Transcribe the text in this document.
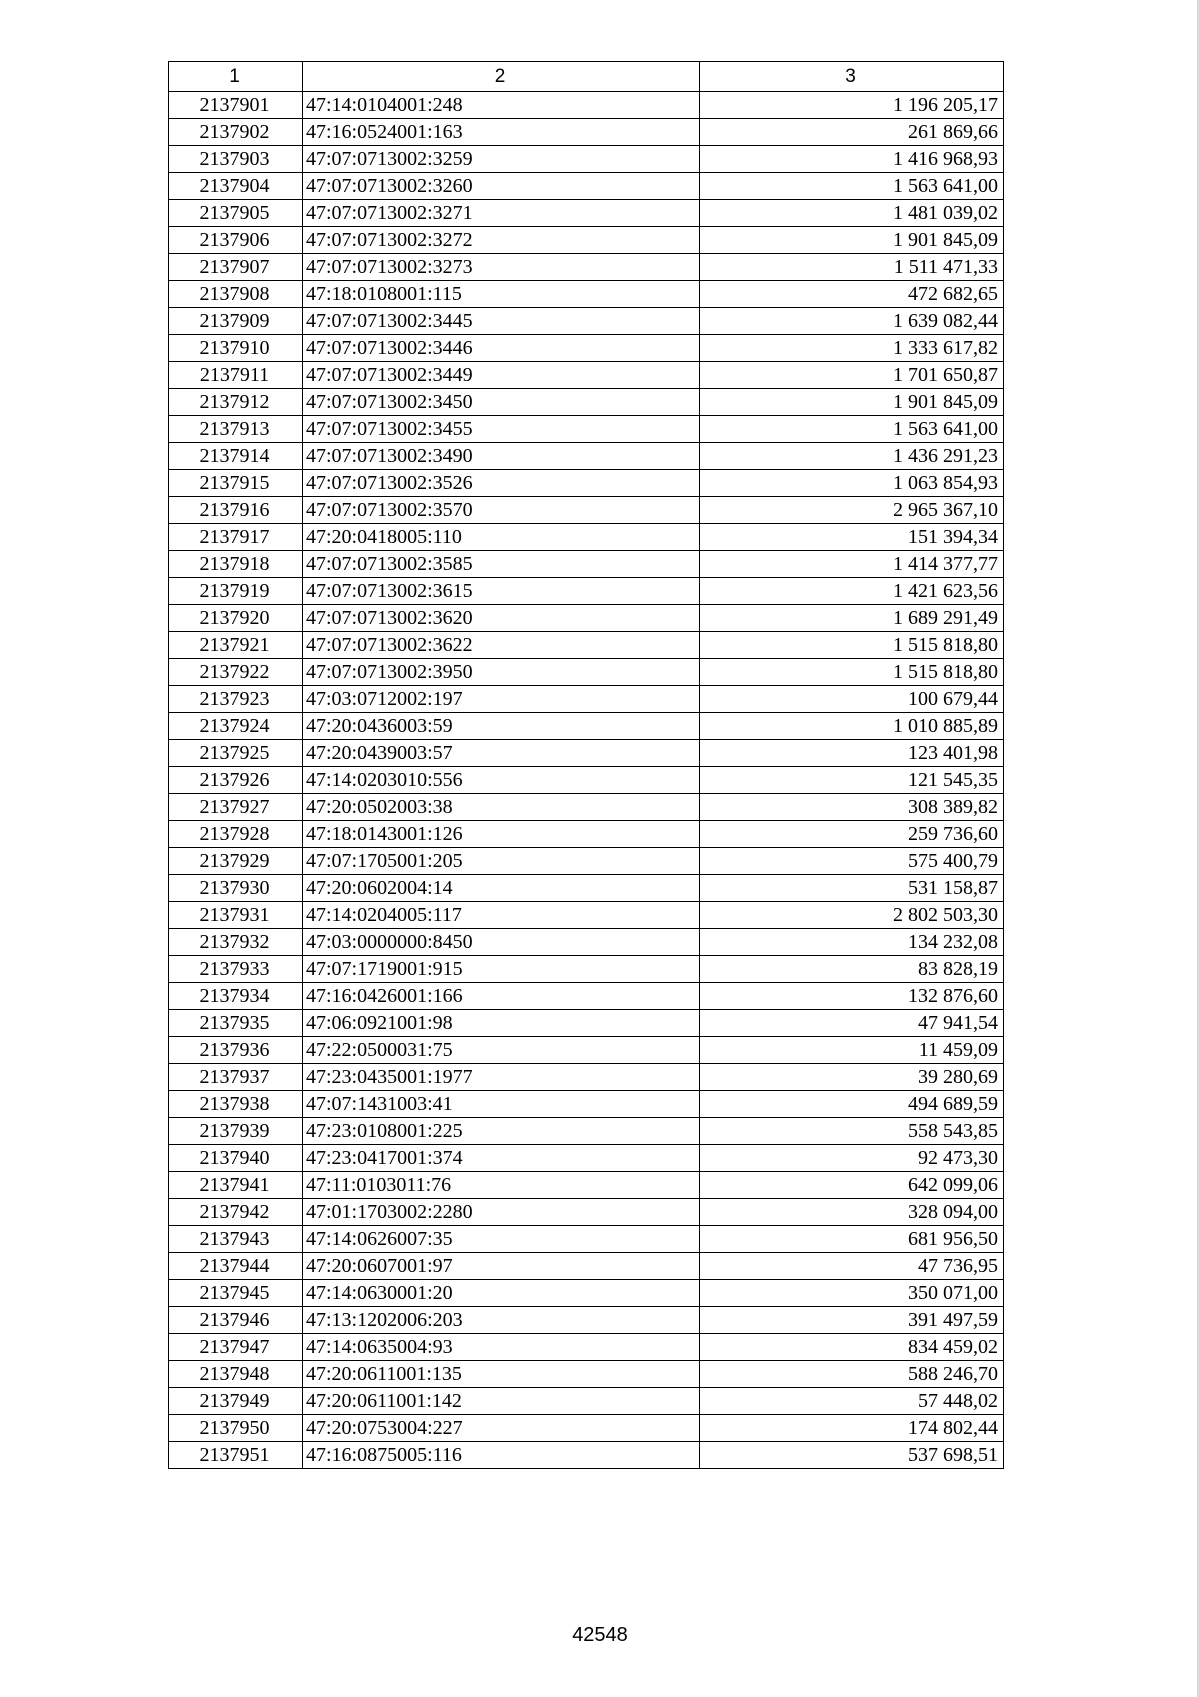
1	2	3
2137901	47:14:0104001:248	1 196 205,17
2137902	47:16:0524001:163	261 869,66
2137903	47:07:0713002:3259	1 416 968,93
2137904	47:07:0713002:3260	1 563 641,00
2137905	47:07:0713002:3271	1 481 039,02
2137906	47:07:0713002:3272	1 901 845,09
2137907	47:07:0713002:3273	1 511 471,33
2137908	47:18:0108001:115	472 682,65
2137909	47:07:0713002:3445	1 639 082,44
2137910	47:07:0713002:3446	1 333 617,82
2137911	47:07:0713002:3449	1 701 650,87
2137912	47:07:0713002:3450	1 901 845,09
2137913	47:07:0713002:3455	1 563 641,00
2137914	47:07:0713002:3490	1 436 291,23
2137915	47:07:0713002:3526	1 063 854,93
2137916	47:07:0713002:3570	2 965 367,10
2137917	47:20:0418005:110	151 394,34
2137918	47:07:0713002:3585	1 414 377,77
2137919	47:07:0713002:3615	1 421 623,56
2137920	47:07:0713002:3620	1 689 291,49
2137921	47:07:0713002:3622	1 515 818,80
2137922	47:07:0713002:3950	1 515 818,80
2137923	47:03:0712002:197	100 679,44
2137924	47:20:0436003:59	1 010 885,89
2137925	47:20:0439003:57	123 401,98
2137926	47:14:0203010:556	121 545,35
2137927	47:20:0502003:38	308 389,82
2137928	47:18:0143001:126	259 736,60
2137929	47:07:1705001:205	575 400,79
2137930	47:20:0602004:14	531 158,87
2137931	47:14:0204005:117	2 802 503,30
2137932	47:03:0000000:8450	134 232,08
2137933	47:07:1719001:915	83 828,19
2137934	47:16:0426001:166	132 876,60
2137935	47:06:0921001:98	47 941,54
2137936	47:22:0500031:75	11 459,09
2137937	47:23:0435001:1977	39 280,69
2137938	47:07:1431003:41	494 689,59
2137939	47:23:0108001:225	558 543,85
2137940	47:23:0417001:374	92 473,30
2137941	47:11:0103011:76	642 099,06
2137942	47:01:1703002:2280	328 094,00
2137943	47:14:0626007:35	681 956,50
2137944	47:20:0607001:97	47 736,95
2137945	47:14:0630001:20	350 071,00
2137946	47:13:1202006:203	391 497,59
2137947	47:14:0635004:93	834 459,02
2137948	47:20:0611001:135	588 246,70
2137949	47:20:0611001:142	57 448,02
2137950	47:20:0753004:227	174 802,44
2137951	47:16:0875005:116	537 698,51
42548
